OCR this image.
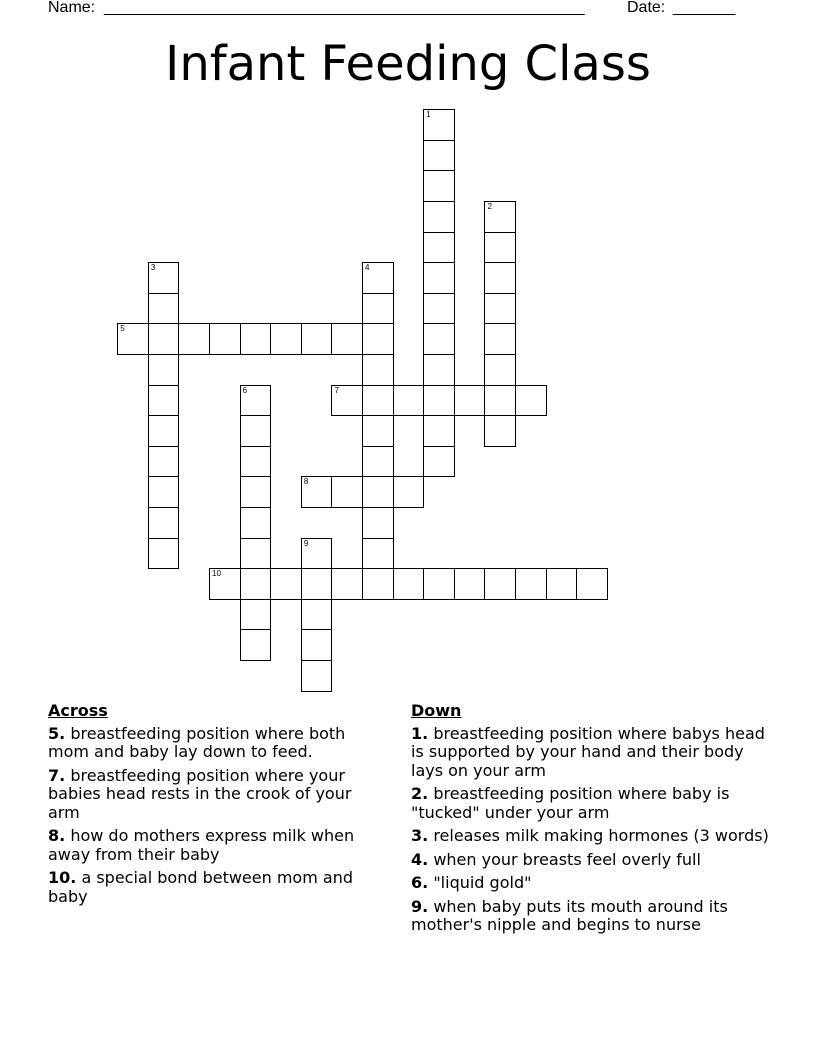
Name: ______________________________________________________	Date: _______
Infant Feeding Class
1
2
3	4
5
6	7
8
9
10
Across
5. breastfeeding position where both mom and baby lay down to feed.
7. breastfeeding position where your babies head rests in the crook of your arm
8. how do mothers express milk when away from their baby
10. a special bond between mom and baby
Down
1. breastfeeding position where babys head is supported by your hand and their body lays on your arm
2. breastfeeding position where baby is "tucked" under your arm
3. releases milk making hormones (3 words)
4. when your breasts feel overly full
6. "liquid gold"
9. when baby puts its mouth around its mother's nipple and begins to nurse
